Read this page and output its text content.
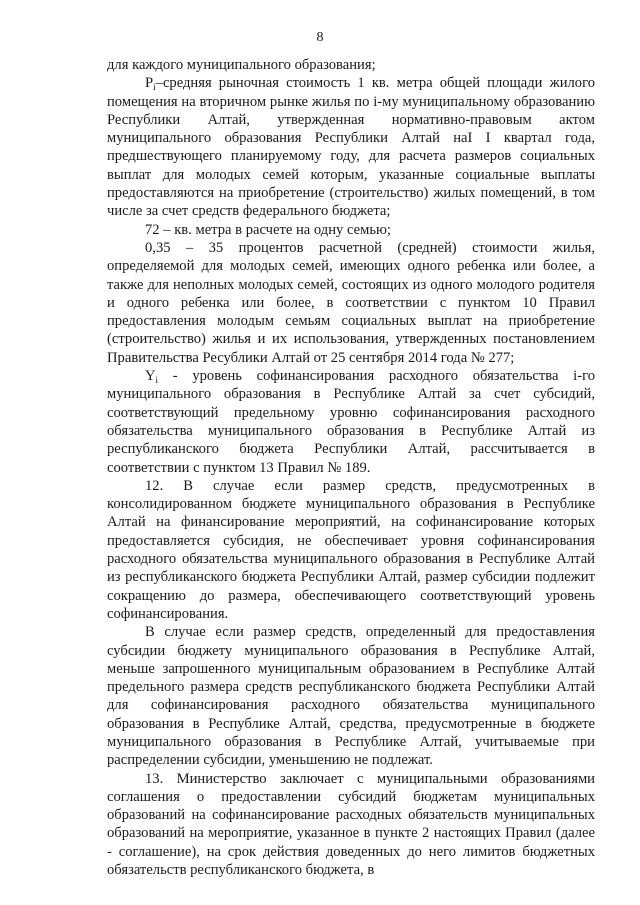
8

для каждого муниципального образования;

$P_i$–средняя рыночная стоимость 1 кв. метра общей площади жилого помещения на вторичном рынке жилья по i-му муниципальному образованию Республики Алтай, утвержденная нормативно-правовым актом муниципального образования Республики Алтай наI I квартал года, предшествующего планируемому году, для расчета размеров социальных выплат для молодых семей которым, указанные социальные выплаты предоставляются на приобретение (строительство) жилых помещений, в том числе за счет средств федерального бюджета;

72 – кв. метра в расчете на одну семью;

0,35 – 35 процентов расчетной (средней) стоимости жилья, определяемой для молодых семей, имеющих одного ребенка или более, а также для неполных молодых семей, состоящих из одного молодого родителя и одного ребенка или более, в соответствии с пунктом 10 Правил предоставления молодым семьям социальных выплат на приобретение (строительство) жилья и их использования, утвержденных постановлением Правительства Ресублики Алтай от 25 сентября 2014 года № 277;

$Y_i$ - уровень софинансирования расходного обязательства i-го муниципального образования в Республике Алтай за счет субсидий, соответствующий предельному уровню софинансирования расходного обязательства муниципального образования в Республике Алтай из республиканского бюджета Республики Алтай, рассчитывается в соответствии с пунктом 13 Правил № 189.

12. В случае если размер средств, предусмотренных в консолидированном бюджете муниципального образования в Республике Алтай на финансирование мероприятий, на софинансирование которых предоставляется субсидия, не обеспечивает уровня софинансирования расходного обязательства муниципального образования в Республике Алтай из республиканского бюджета Республики Алтай, размер субсидии подлежит сокращению до размера, обеспечивающего соответствующий уровень софинансирования.

В случае если размер средств, определенный для предоставления субсидии бюджету муниципального образования в Республике Алтай, меньше запрошенного муниципальным образованием в Республике Алтай предельного размера средств республиканского бюджета Республики Алтай для софинансирования расходного обязательства муниципального образования в Республике Алтай, средства, предусмотренные в бюджете муниципального образования в Республике Алтай, учитываемые при распределении субсидии, уменьшению не подлежат.

13. Министерство заключает с муниципальными образованиями соглашения о предоставлении субсидий бюджетам муниципальных образований на софинансирование расходных обязательств муниципальных образований на мероприятие, указанное в пункте 2 настоящих Правил (далее - соглашение), на срок действия доведенных до него лимитов бюджетных обязательств республиканского бюджета, в
